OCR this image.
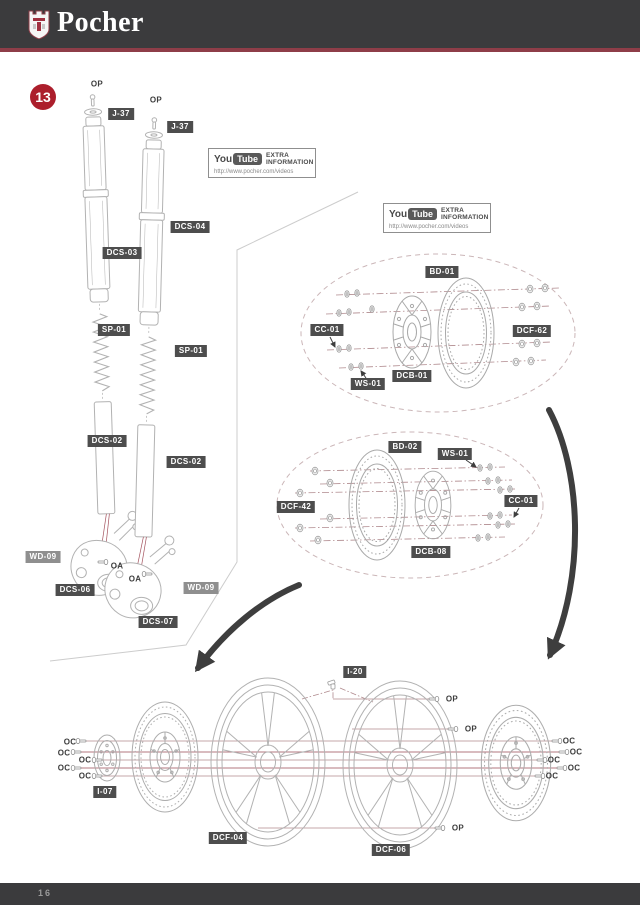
Pocher
13
You Tube	EXTRA
INFORMATION
http://www.pocher.com/videos
You Tube	EXTRA
INFORMATION
http://www.pocher.com/videos
J-37
J-37
DCS-03
DCS-04
SP-01
SP-01
DCS-02
DCS-02
WD-09
WD-09
DCS-06
DCS-07
BD-01
CC-01
WS-01
DCB-01
DCF-62
BD-02
WS-01
CC-01
DCF-42
DCB-08
I-20
I-07
DCF-04
DCF-06
OP
OP
OA
OA
OC
OC
OC
OC
OC
OC
OC
OC
OC
OC
OP
OP
OP
16
